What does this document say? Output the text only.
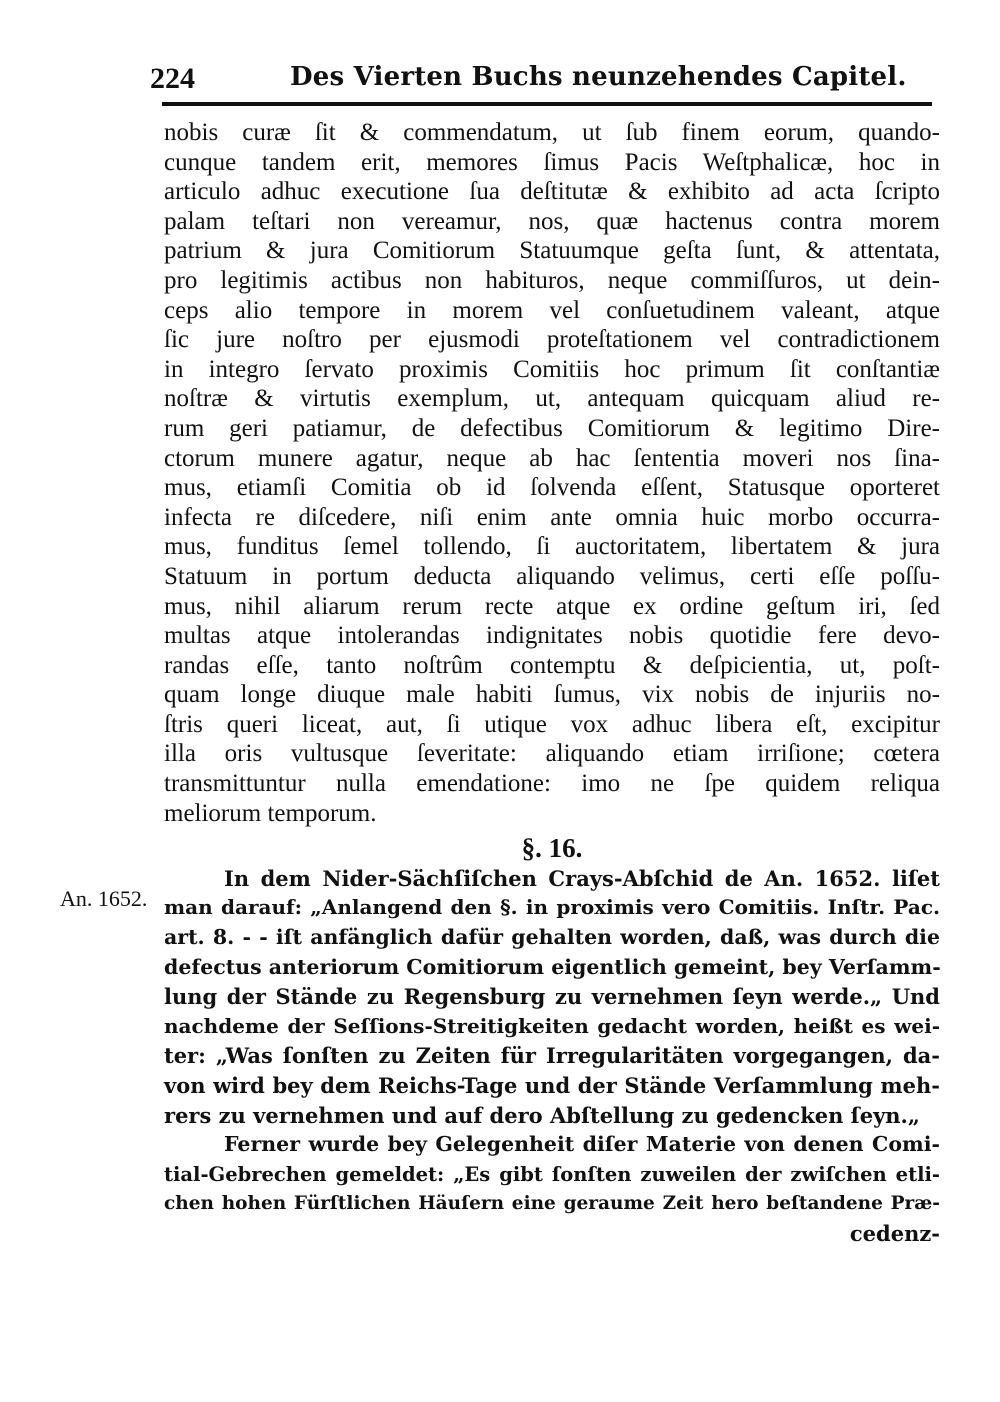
224	Des Vierten Buchs neunzehendes Capitel.
An. 1652.
nobis curæ ſit & commendatum, ut ſub finem eorum, quando-
cunque tandem erit, memores ſimus Pacis Weſtphalicæ, hoc in
articulo adhuc executione ſua deſtitutæ & exhibito ad acta ſcripto
palam teſtari non vereamur, nos, quæ hactenus contra morem
patrium & jura Comitiorum Statuumque geſta ſunt, & attentata,
pro legitimis actibus non habituros, neque commiſſuros, ut dein-
ceps alio tempore in morem vel conſuetudinem valeant, atque
ſic jure noſtro per ejusmodi proteſtationem vel contradictionem
in integro ſervato proximis Comitiis hoc primum ſit conſtantiæ
noſtræ & virtutis exemplum, ut, antequam quicquam aliud re-
rum geri patiamur, de defectibus Comitiorum & legitimo Dire-
ctorum munere agatur, neque ab hac ſententia moveri nos ſina-
mus, etiamſi Comitia ob id ſolvenda eſſent, Statusque oporteret
infecta re diſcedere, niſi enim ante omnia huic morbo occurra-
mus, funditus ſemel tollendo, ſi auctoritatem, libertatem & jura
Statuum in portum deducta aliquando velimus, certi eſſe poſſu-
mus, nihil aliarum rerum recte atque ex ordine geſtum iri, ſed
multas atque intolerandas indignitates nobis quotidie fere devo-
randas eſſe, tanto noſtrûm contemptu & deſpicientia, ut, poſt-
quam longe diuque male habiti ſumus, vix nobis de injuriis no-
ſtris queri liceat, aut, ſi utique vox adhuc libera eſt, excipitur
illa oris vultusque ſeveritate: aliquando etiam irriſione; cœtera
transmittuntur nulla emendatione: imo ne ſpe quidem reliqua
meliorum temporum.
§. 16.
In dem Nider-Sächſiſchen Crays-Abſchid de An. 1652. liſet
man darauf: „Anlangend den §. in proximis vero Comitiis. Inſtr. Pac.
art. 8. - - iſt anfänglich dafür gehalten worden, daß, was durch die
defectus anteriorum Comitiorum eigentlich gemeint, bey Verſamm-
lung der Stände zu Regensburg zu vernehmen ſeyn werde.„ Und
nachdeme der Seſſions-Streitigkeiten gedacht worden, heißt es wei-
ter: „Was ſonſten zu Zeiten für Irregularitäten vorgegangen, da-
von wird bey dem Reichs-Tage und der Stände Verſammlung meh-
rers zu vernehmen und auf dero Abſtellung zu gedencken ſeyn.„
Ferner wurde bey Gelegenheit diſer Materie von denen Comi-
tial-Gebrechen gemeldet: „Es gibt ſonſten zuweilen der zwiſchen etli-
chen hohen Fürſtlichen Häuſern eine geraume Zeit hero beſtandene Præ-
cedenz-
